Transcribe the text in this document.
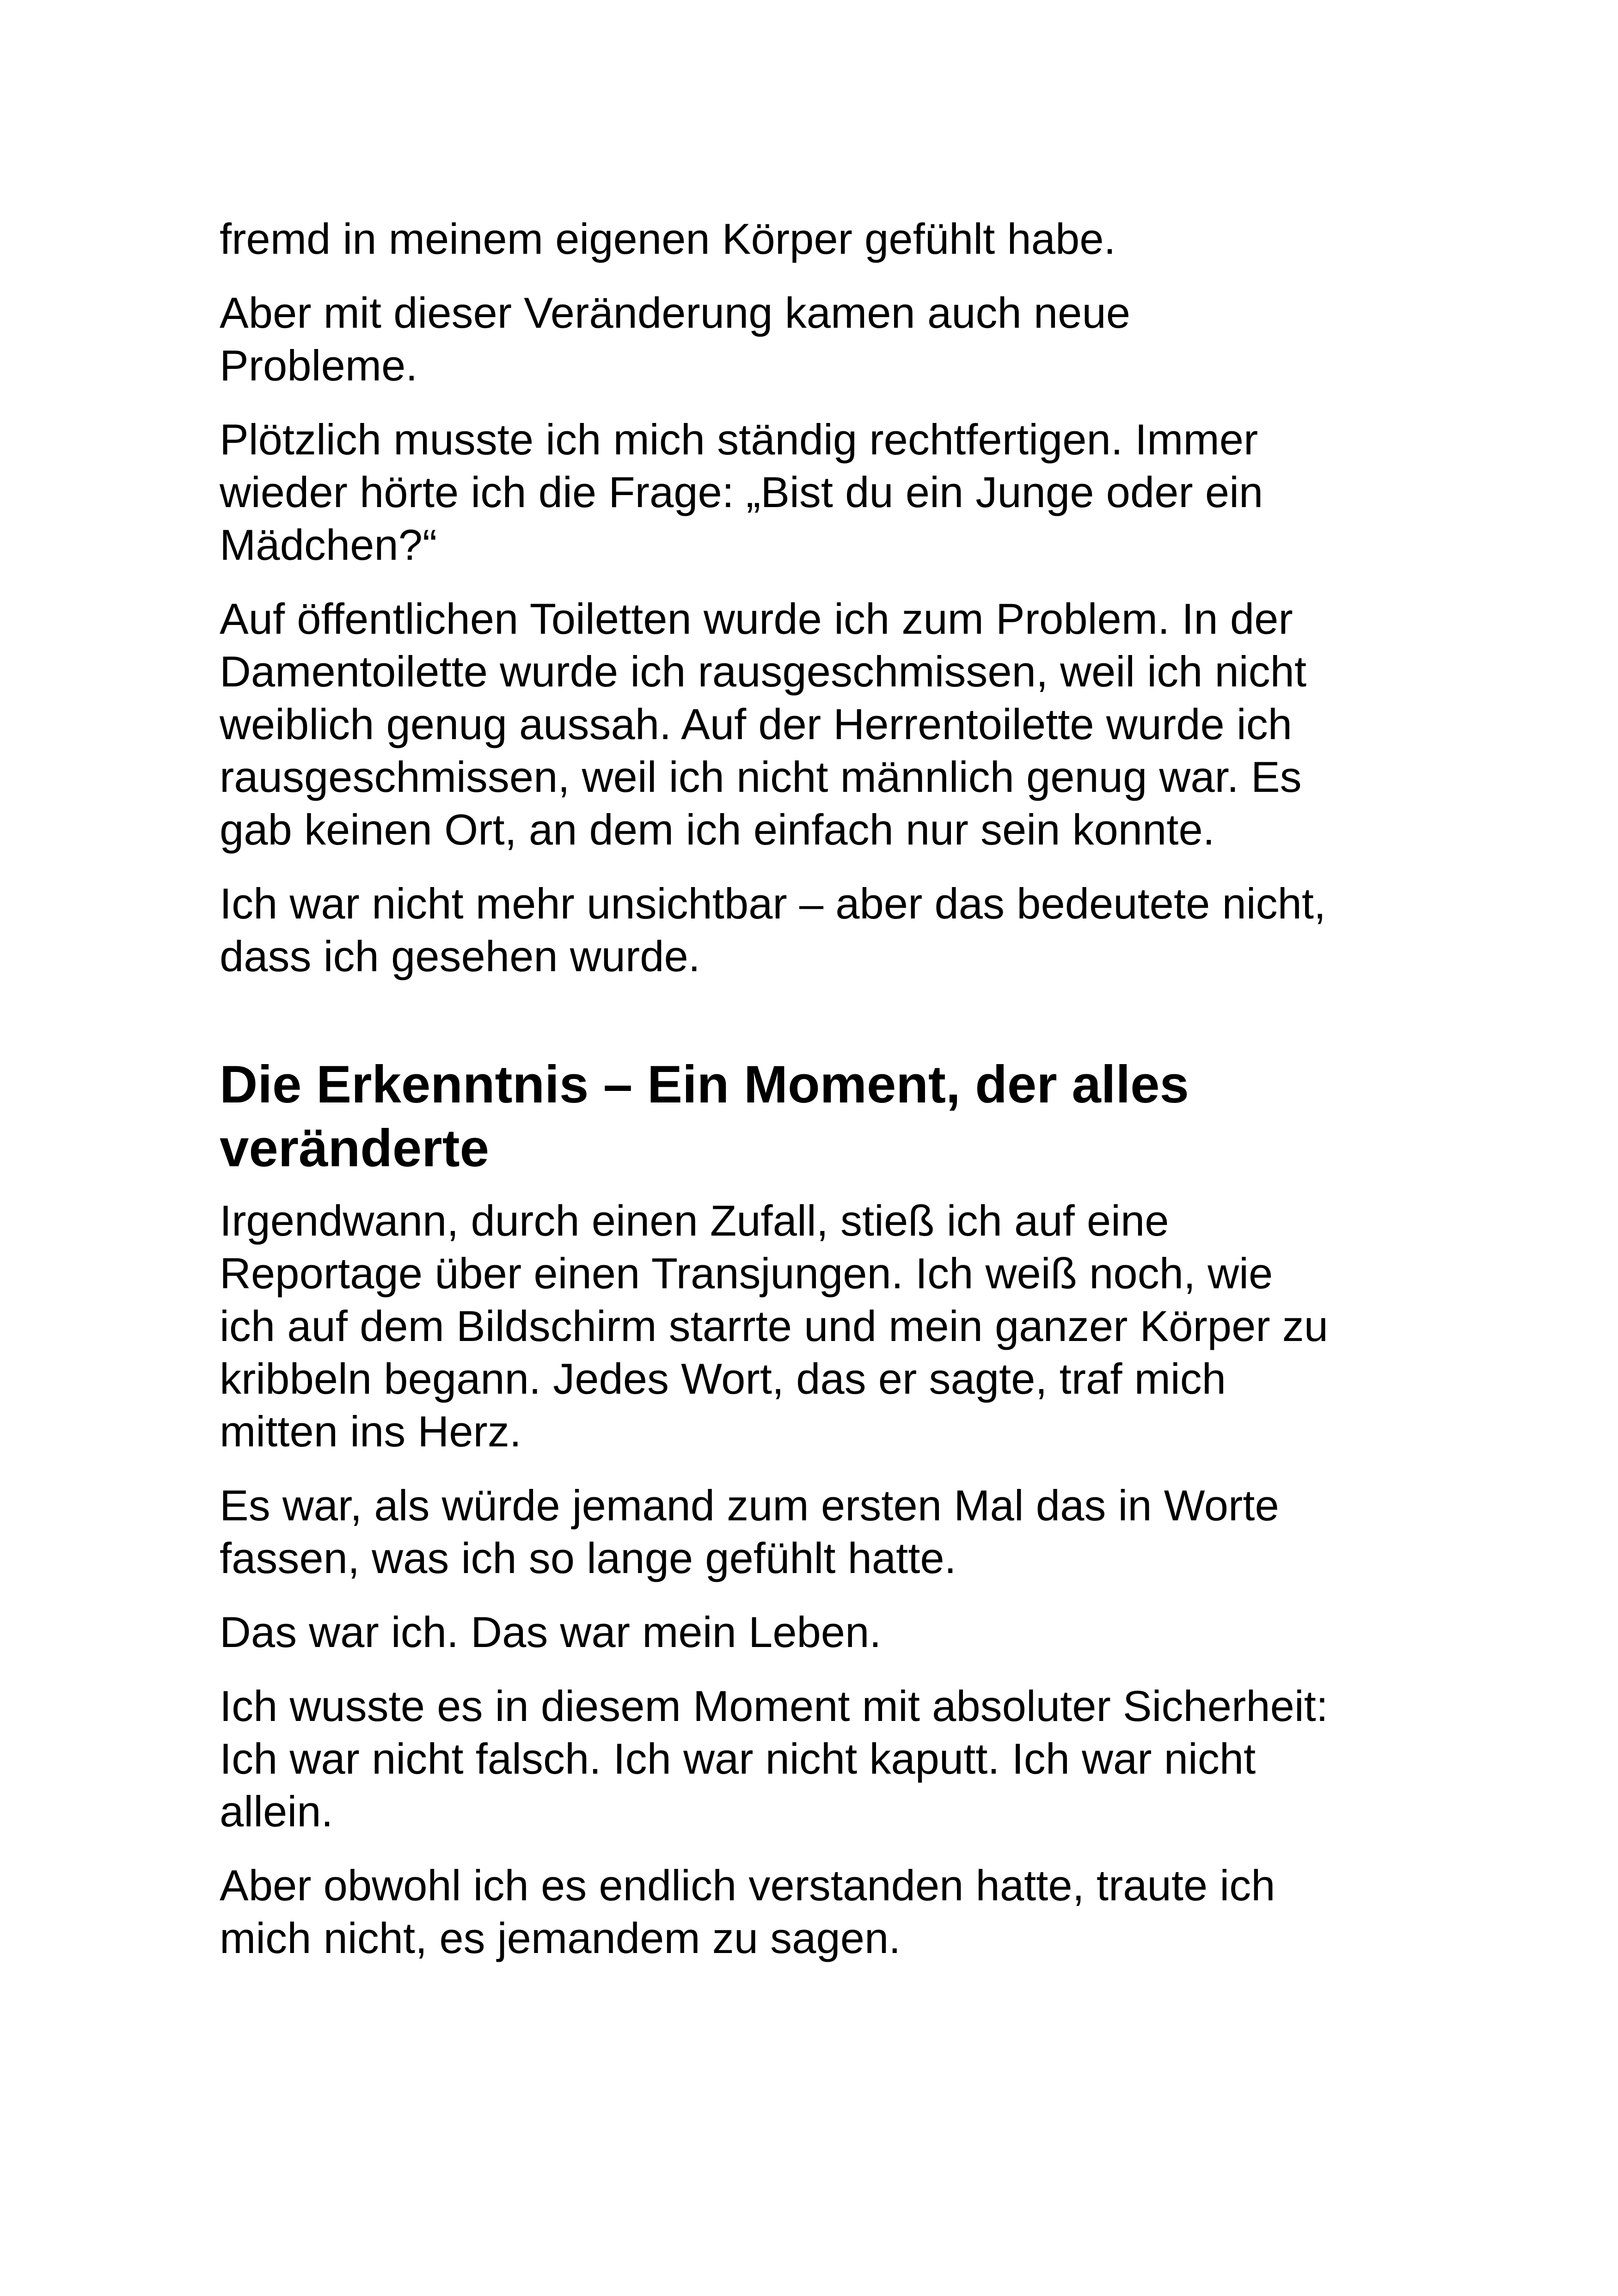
fremd in meinem eigenen Körper gefühlt habe.

Aber mit dieser Veränderung kamen auch neue
Probleme.

Plötzlich musste ich mich ständig rechtfertigen. Immer
wieder hörte ich die Frage: „Bist du ein Junge oder ein
Mädchen?“

Auf öffentlichen Toiletten wurde ich zum Problem. In der
Damentoilette wurde ich rausgeschmissen, weil ich nicht
weiblich genug aussah. Auf der Herrentoilette wurde ich
rausgeschmissen, weil ich nicht männlich genug war. Es
gab keinen Ort, an dem ich einfach nur sein konnte.

Ich war nicht mehr unsichtbar – aber das bedeutete nicht,
dass ich gesehen wurde.

Die Erkenntnis – Ein Moment, der alles
veränderte

Irgendwann, durch einen Zufall, stieß ich auf eine
Reportage über einen Transjungen. Ich weiß noch, wie
ich auf dem Bildschirm starrte und mein ganzer Körper zu
kribbeln begann. Jedes Wort, das er sagte, traf mich
mitten ins Herz.

Es war, als würde jemand zum ersten Mal das in Worte
fassen, was ich so lange gefühlt hatte.

Das war ich. Das war mein Leben.

Ich wusste es in diesem Moment mit absoluter Sicherheit:
Ich war nicht falsch. Ich war nicht kaputt. Ich war nicht
allein.

Aber obwohl ich es endlich verstanden hatte, traute ich
mich nicht, es jemandem zu sagen.
